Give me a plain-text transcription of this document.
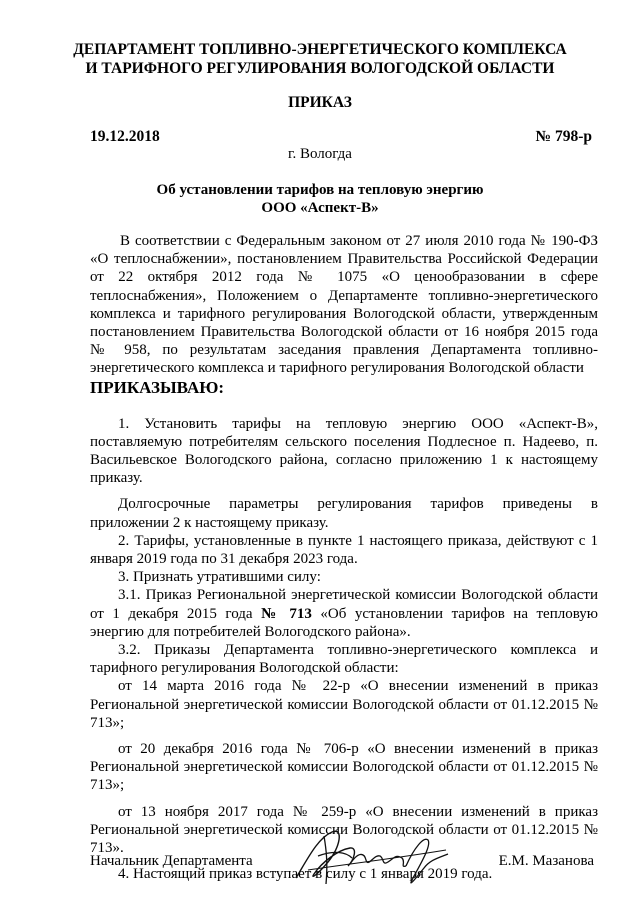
ДЕПАРТАМЕНТ ТОПЛИВНО-ЭНЕРГЕТИЧЕСКОГО КОМПЛЕКСА
И ТАРИФНОГО РЕГУЛИРОВАНИЯ ВОЛОГОДСКОЙ ОБЛАСТИ
ПРИКАЗ
19.12.2018	№ 798-р
г. Вологда
Об установлении тарифов на тепловую энергию
ООО «Аспект-В»

В соответствии с Федеральным законом от 27 июля 2010 года № 190-ФЗ «О теплоснабжении», постановлением Правительства Российской Федерации от 22 октября 2012 года № 1075 «О ценообразовании в сфере теплоснабжения», Положением о Департаменте топливно-энергетического комплекса и тарифного регулирования Вологодской области, утвержденным постановлением Правительства Вологодской области от 16 ноября 2015 года № 958, по результатам заседания правления Департамента топливно-энергетического комплекса и тарифного регулирования Вологодской области

ПРИКАЗЫВАЮ:

1. Установить тарифы на тепловую энергию ООО «Аспект-В», поставляемую потребителям сельского поселения Подлесное п. Надеево, п. Васильевское Вологодского района, согласно приложению 1 к настоящему приказу.

Долгосрочные параметры регулирования тарифов приведены в приложении 2 к настоящему приказу.

2. Тарифы, установленные в пункте 1 настоящего приказа, действуют с 1 января 2019 года по 31 декабря 2023 года.

3. Признать утратившими силу:

3.1. Приказ Региональной энергетической комиссии Вологодской области от 1 декабря 2015 года № 713 «Об установлении тарифов на тепловую энергию для потребителей Вологодского района».

3.2. Приказы Департамента топливно-энергетического комплекса и тарифного регулирования Вологодской области:

от 14 марта 2016 года № 22-р «О внесении изменений в приказ Региональной энергетической комиссии Вологодской области от 01.12.2015 № 713»;

от 20 декабря 2016 года № 706-р «О внесении изменений в приказ Региональной энергетической комиссии Вологодской области от 01.12.2015 № 713»;

от 13 ноября 2017 года № 259-р «О внесении изменений в приказ Региональной энергетической комиссии Вологодской области от 01.12.2015 № 713».

4. Настоящий приказ вступает в силу с 1 января 2019 года.

Начальник Департамента	Е.М. Мазанова
